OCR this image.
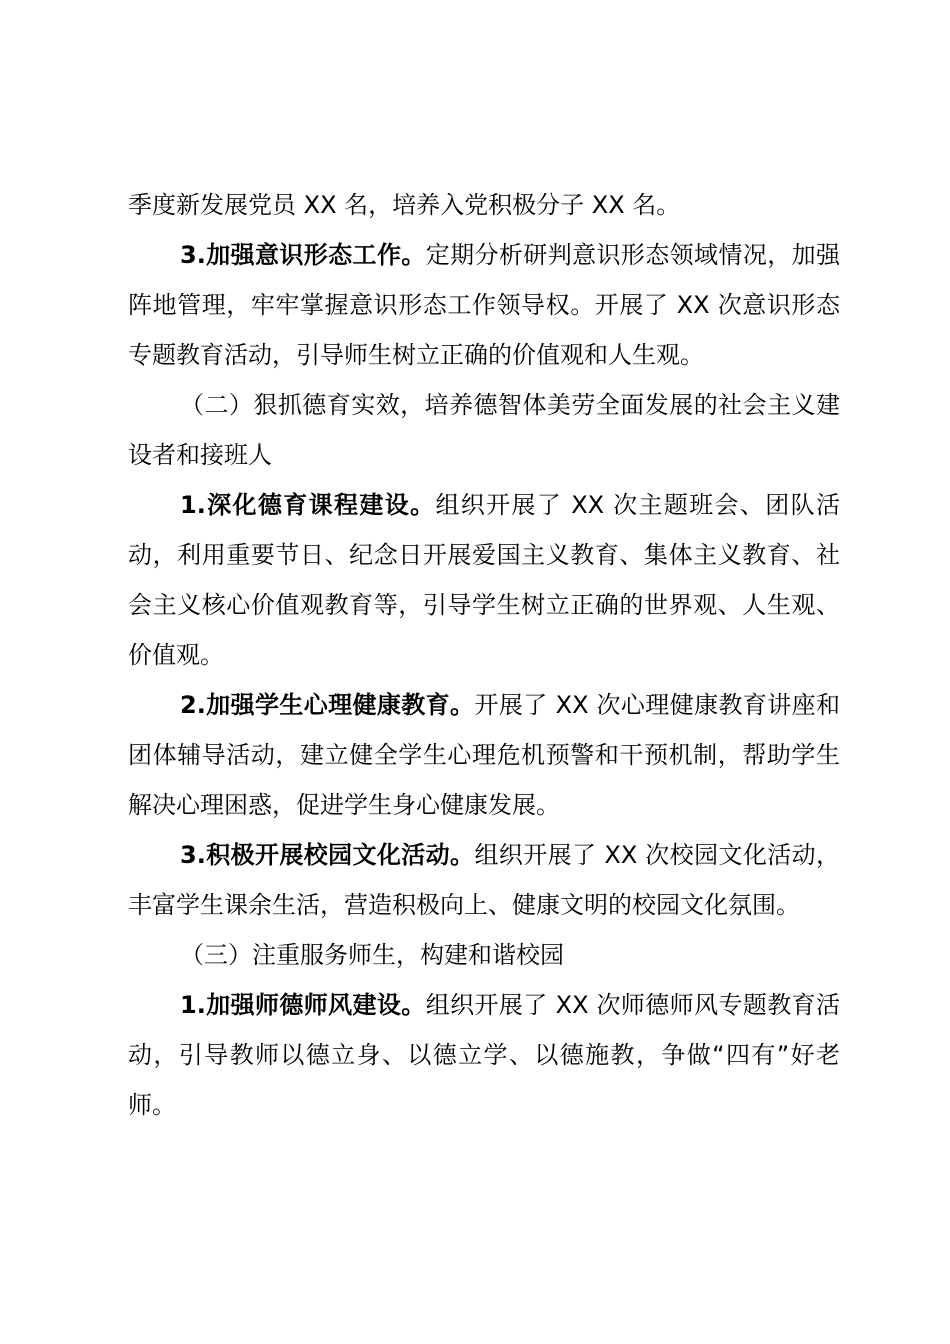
季度新发展党员 XX 名，培养入党积极分子 XX 名。

3.加强意识形态工作。定期分析研判意识形态领域情况，加强阵地管理，牢牢掌握意识形态工作领导权。开展了 XX 次意识形态专题教育活动，引导师生树立正确的价值观和人生观。

（二）狠抓德育实效，培养德智体美劳全面发展的社会主义建设者和接班人

1.深化德育课程建设。组织开展了 XX 次主题班会、团队活动，利用重要节日、纪念日开展爱国主义教育、集体主义教育、社会主义核心价值观教育等，引导学生树立正确的世界观、人生观、价值观。

2.加强学生心理健康教育。开展了 XX 次心理健康教育讲座和团体辅导活动，建立健全学生心理危机预警和干预机制，帮助学生解决心理困惑，促进学生身心健康发展。

3.积极开展校园文化活动。组织开展了 XX 次校园文化活动，丰富学生课余生活，营造积极向上、健康文明的校园文化氛围。

（三）注重服务师生，构建和谐校园

1.加强师德师风建设。组织开展了 XX 次师德师风专题教育活动，引导教师以德立身、以德立学、以德施教，争做“四有”好老师。
